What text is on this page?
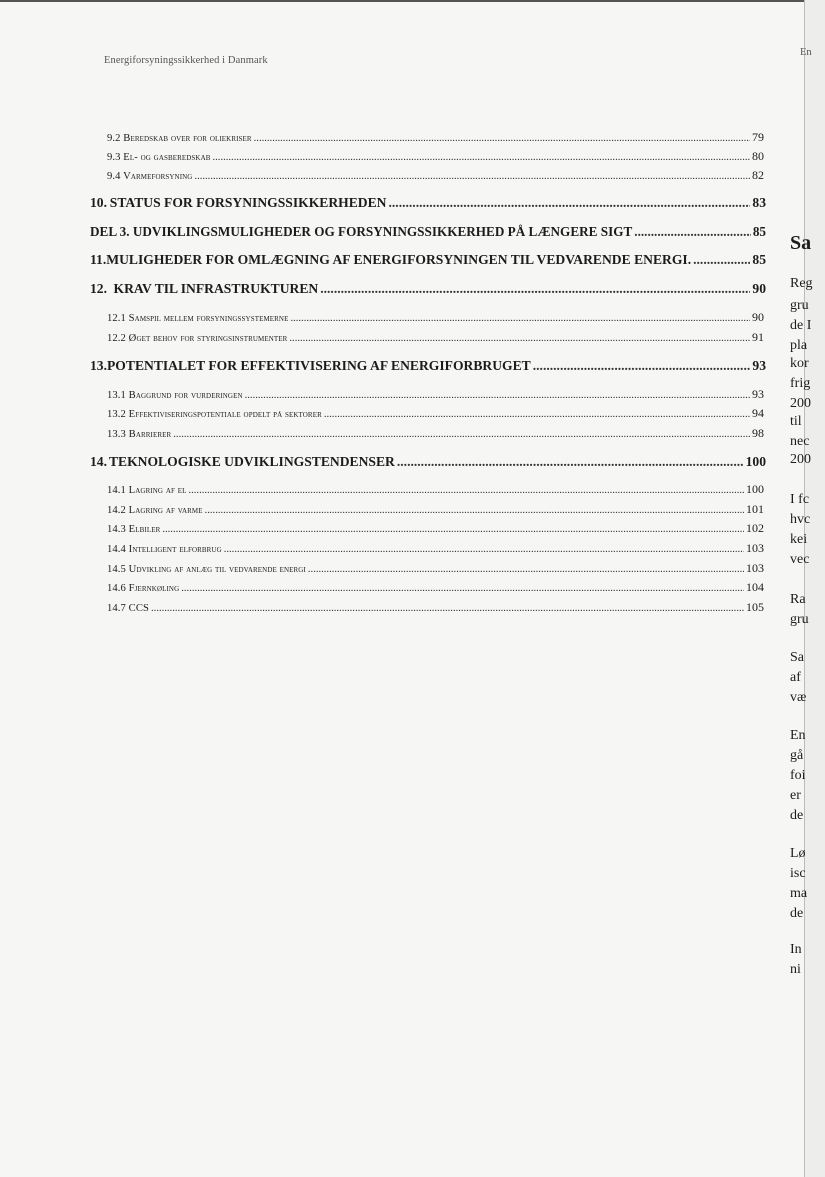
Energiforsyningssikkerhed i Danmark
9.2 Beredskab over for oliekriser .....	79
9.3 El- og gasberedskab .....	80
9.4 Varmeforsyning .....	82
10. STATUS FOR FORSYNINGSSIKKERHEDEN .....	83
DEL 3. UDVIKLINGSMULIGHEDER OG FORSYNINGSSIKKERHED PÅ LÆNGERE SIGT .....	85
11. MULIGHEDER FOR OMLÆGNING AF ENERGIFORSYNINGEN TIL VEDVARENDE ENERGI. .....	85
12. KRAV TIL INFRASTRUKTUREN .....	90
12.1 Samspil mellem forsyningssystemerne .....	90
12.2 Øget behov for styringsinstrumenter .....	91
13. POTENTIALET FOR EFFEKTIVISERING AF ENERGIFORBRUGET .....	93
13.1 Baggrund for vurderingen .....	93
13.2 Effektiviseringspotentiale opdelt på sektorer .....	94
13.3 Barrierer .....	98
14. TEKNOLOGISKE UDVIKLINGSTENDENSER .....	100
14.1 Lagring af el .....	100
14.2 Lagring af varme .....	101
14.3 Elbiler .....	102
14.4 Intelligent elforbrug .....	103
14.5 Udvikling af anlæg til vedvarende energi .....	103
14.6 Fjernkøling .....	104
14.7 CCS .....	105
En
Sa
Reg
gru
de I
pla
kor
frig
200
til
nec
200
I fc
hvc
kei
vec
Ra
gru
Sa
af
væ
En
gå
foi
er
de
Lø
isc
ma
de
In
ni
